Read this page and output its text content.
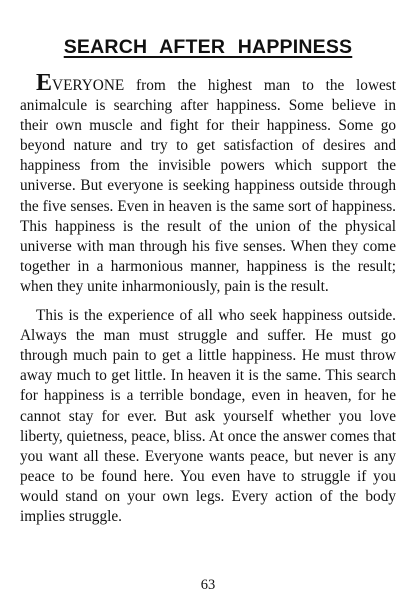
SEARCH AFTER HAPPINESS

EVERYONE from the highest man to the lowest animalcule is searching after happiness. Some believe in their own muscle and fight for their happiness. Some go beyond nature and try to get satisfaction of desires and happiness from the invisible powers which support the universe. But everyone is seeking happiness outside through the five senses. Even in heaven is the same sort of happiness. This happiness is the result of the union of the physical universe with man through his five senses. When they come together in a harmonious manner, happiness is the result; when they unite inharmoniously, pain is the result.

This is the experience of all who seek happiness outside. Always the man must struggle and suffer. He must go through much pain to get a little happiness. He must throw away much to get little. In heaven it is the same. This search for happiness is a terrible bondage, even in heaven, for he cannot stay for ever. But ask yourself whether you love liberty, quietness, peace, bliss. At once the answer comes that you want all these. Everyone wants peace, but never is any peace to be found here. You even have to struggle if you would stand on your own legs. Every action of the body implies struggle.

63
